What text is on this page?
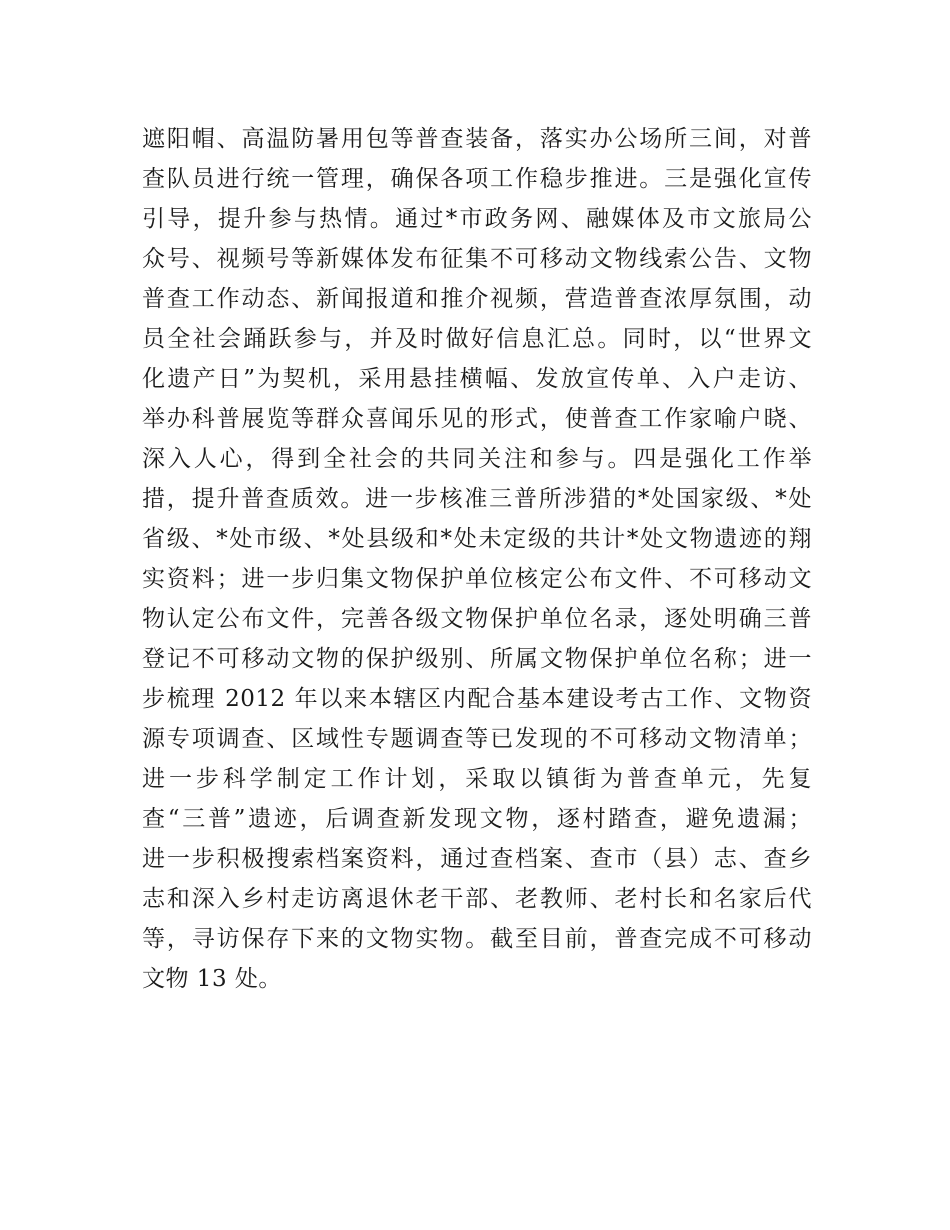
遮阳帽、高温防暑用包等普查装备，落实办公场所三间，对普
查队员进行统一管理，确保各项工作稳步推进。三是强化宣传
引导，提升参与热情。通过*市政务网、融媒体及市文旅局公
众号、视频号等新媒体发布征集不可移动文物线索公告、文物
普查工作动态、新闻报道和推介视频，营造普查浓厚氛围，动
员全社会踊跃参与，并及时做好信息汇总。同时，以“世界文
化遗产日”为契机，采用悬挂横幅、发放宣传单、入户走访、
举办科普展览等群众喜闻乐见的形式，使普查工作家喻户晓、
深入人心，得到全社会的共同关注和参与。四是强化工作举
措，提升普查质效。进一步核准三普所涉猎的*处国家级、*处
省级、*处市级、*处县级和*处未定级的共计*处文物遗迹的翔
实资料；进一步归集文物保护单位核定公布文件、不可移动文
物认定公布文件，完善各级文物保护单位名录，逐处明确三普
登记不可移动文物的保护级别、所属文物保护单位名称；进一
步梳理 2012 年以来本辖区内配合基本建设考古工作、文物资
源专项调查、区域性专题调查等已发现的不可移动文物清单；
进一步科学制定工作计划，采取以镇街为普查单元，先复
查“三普”遗迹，后调查新发现文物，逐村踏查，避免遗漏；
进一步积极搜索档案资料，通过查档案、查市（县）志、查乡
志和深入乡村走访离退休老干部、老教师、老村长和名家后代
等，寻访保存下来的文物实物。截至目前，普查完成不可移动
文物 13 处。
